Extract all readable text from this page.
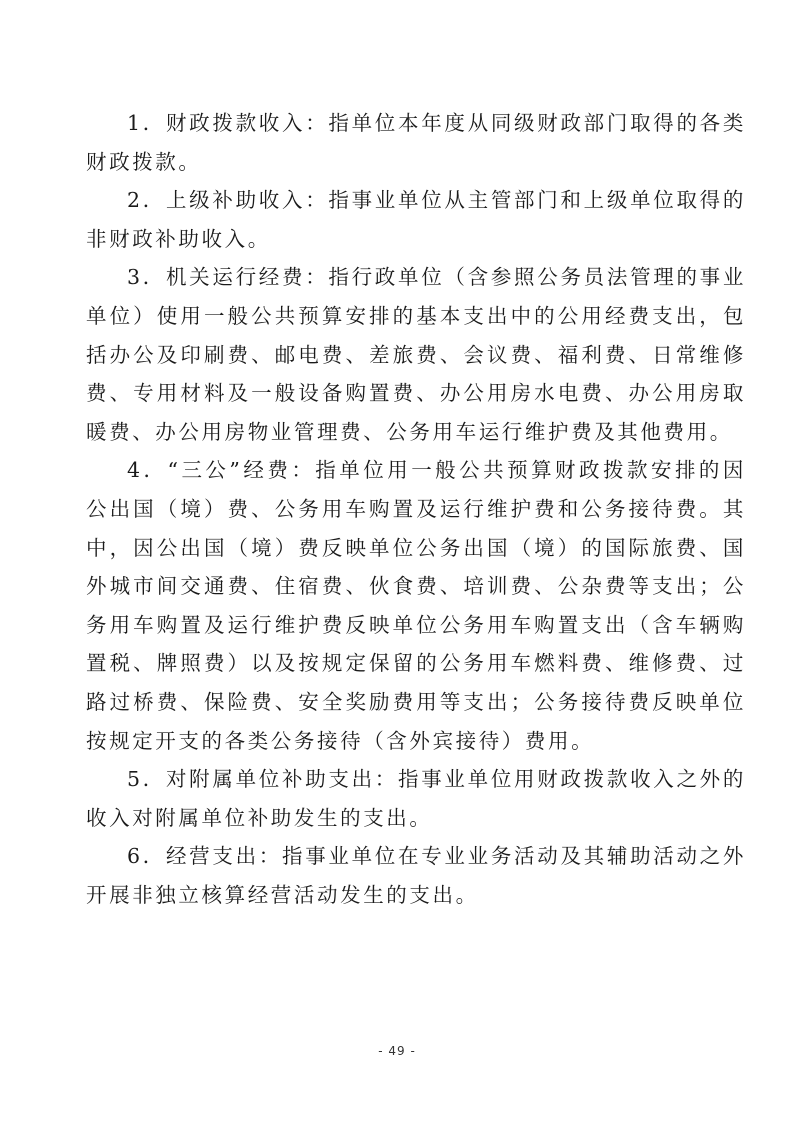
1．财政拨款收入：指单位本年度从同级财政部门取得的各类财政拨款。

2．上级补助收入：指事业单位从主管部门和上级单位取得的非财政补助收入。

3．机关运行经费：指行政单位（含参照公务员法管理的事业单位）使用一般公共预算安排的基本支出中的公用经费支出，包括办公及印刷费、邮电费、差旅费、会议费、福利费、日常维修费、专用材料及一般设备购置费、办公用房水电费、办公用房取暖费、办公用房物业管理费、公务用车运行维护费及其他费用。

4．“三公”经费：指单位用一般公共预算财政拨款安排的因公出国（境）费、公务用车购置及运行维护费和公务接待费。其中，因公出国（境）费反映单位公务出国（境）的国际旅费、国外城市间交通费、住宿费、伙食费、培训费、公杂费等支出；公务用车购置及运行维护费反映单位公务用车购置支出（含车辆购置税、牌照费）以及按规定保留的公务用车燃料费、维修费、过路过桥费、保险费、安全奖励费用等支出；公务接待费反映单位按规定开支的各类公务接待（含外宾接待）费用。

5．对附属单位补助支出：指事业单位用财政拨款收入之外的收入对附属单位补助发生的支出。

6．经营支出：指事业单位在专业业务活动及其辅助活动之外开展非独立核算经营活动发生的支出。

- 49 -
